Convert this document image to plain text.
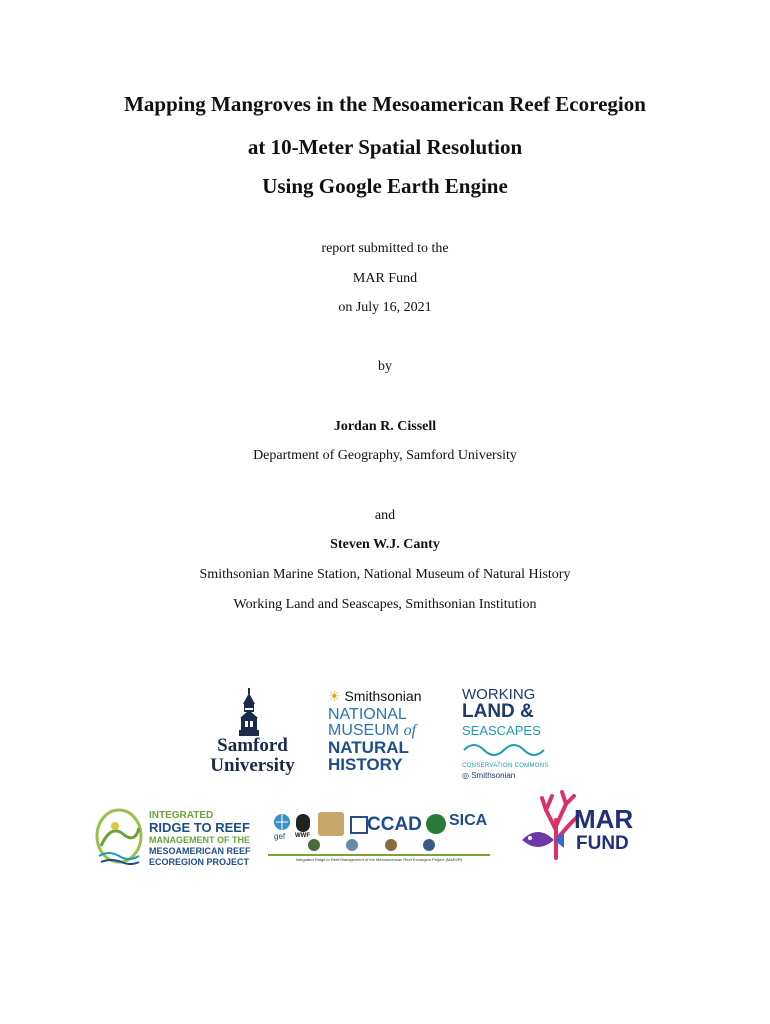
Mapping Mangroves in the Mesoamerican Reef Ecoregion
at 10-Meter Spatial Resolution
Using Google Earth Engine
report submitted to the
MAR Fund
on July 16, 2021
by
Jordan R. Cissell
Department of Geography, Samford University
and
Steven W.J. Canty
Smithsonian Marine Station, National Museum of Natural History
Working Land and Seascapes, Smithsonian Institution
Samford
University
☀ Smithsonian
NATIONAL
MUSEUM of
NATURAL
HISTORY
WORKING
LAND &
SEASCAPES
CONSERVATION COMMONS
◎ Smithsonian
INTEGRATED
RIDGE TO REEF
MANAGEMENT OF THE
MESOAMERICAN REEF
ECOREGION PROJECT
gef WWF
CCAD SICA

Integrated Ridge to Reef Management of the Mesoamerican Reef Ecoregion Project (MAR2R)
MAR
FUND
